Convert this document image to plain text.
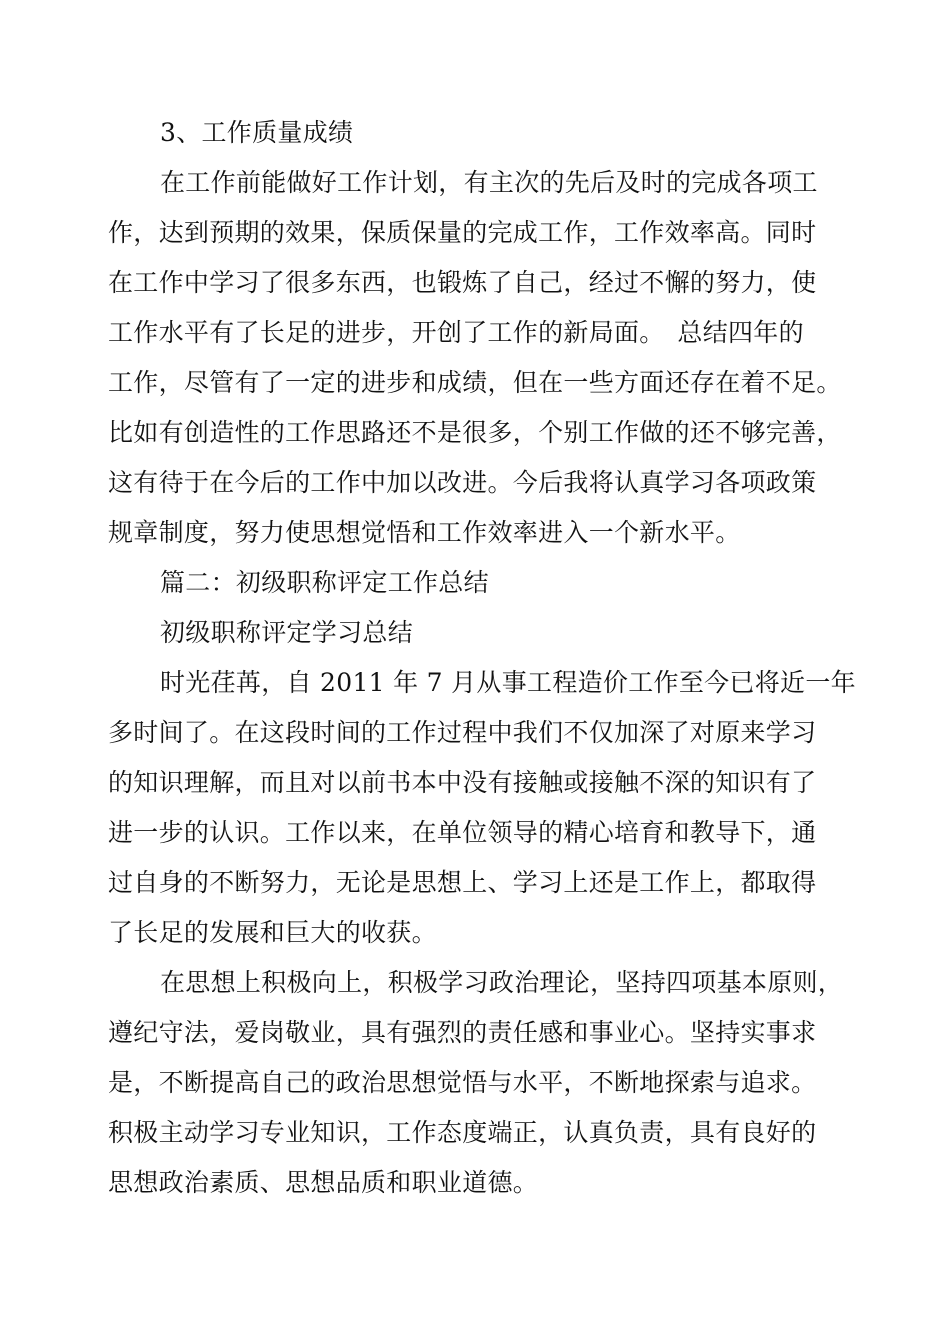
3、工作质量成绩
在工作前能做好工作计划，有主次的先后及时的完成各项工
作，达到预期的效果，保质保量的完成工作，工作效率高。同时
在工作中学习了很多东西，也锻炼了自己，经过不懈的努力，使
工作水平有了长足的进步，开创了工作的新局面。　总结四年的
工作，尽管有了一定的进步和成绩，但在一些方面还存在着不足。
比如有创造性的工作思路还不是很多，个别工作做的还不够完善，
这有待于在今后的工作中加以改进。今后我将认真学习各项政策
规章制度，努力使思想觉悟和工作效率进入一个新水平。
篇二：初级职称评定工作总结
初级职称评定学习总结
时光荏苒，自 2011 年 7 月从事工程造价工作至今已将近一年
多时间了。在这段时间的工作过程中我们不仅加深了对原来学习
的知识理解，而且对以前书本中没有接触或接触不深的知识有了
进一步的认识。工作以来，在单位领导的精心培育和教导下，通
过自身的不断努力，无论是思想上、学习上还是工作上，都取得
了长足的发展和巨大的收获。
在思想上积极向上，积极学习政治理论，坚持四项基本原则，
遵纪守法，爱岗敬业，具有强烈的责任感和事业心。坚持实事求
是，不断提高自己的政治思想觉悟与水平，不断地探索与追求。
积极主动学习专业知识，工作态度端正，认真负责，具有良好的
思想政治素质、思想品质和职业道德。
